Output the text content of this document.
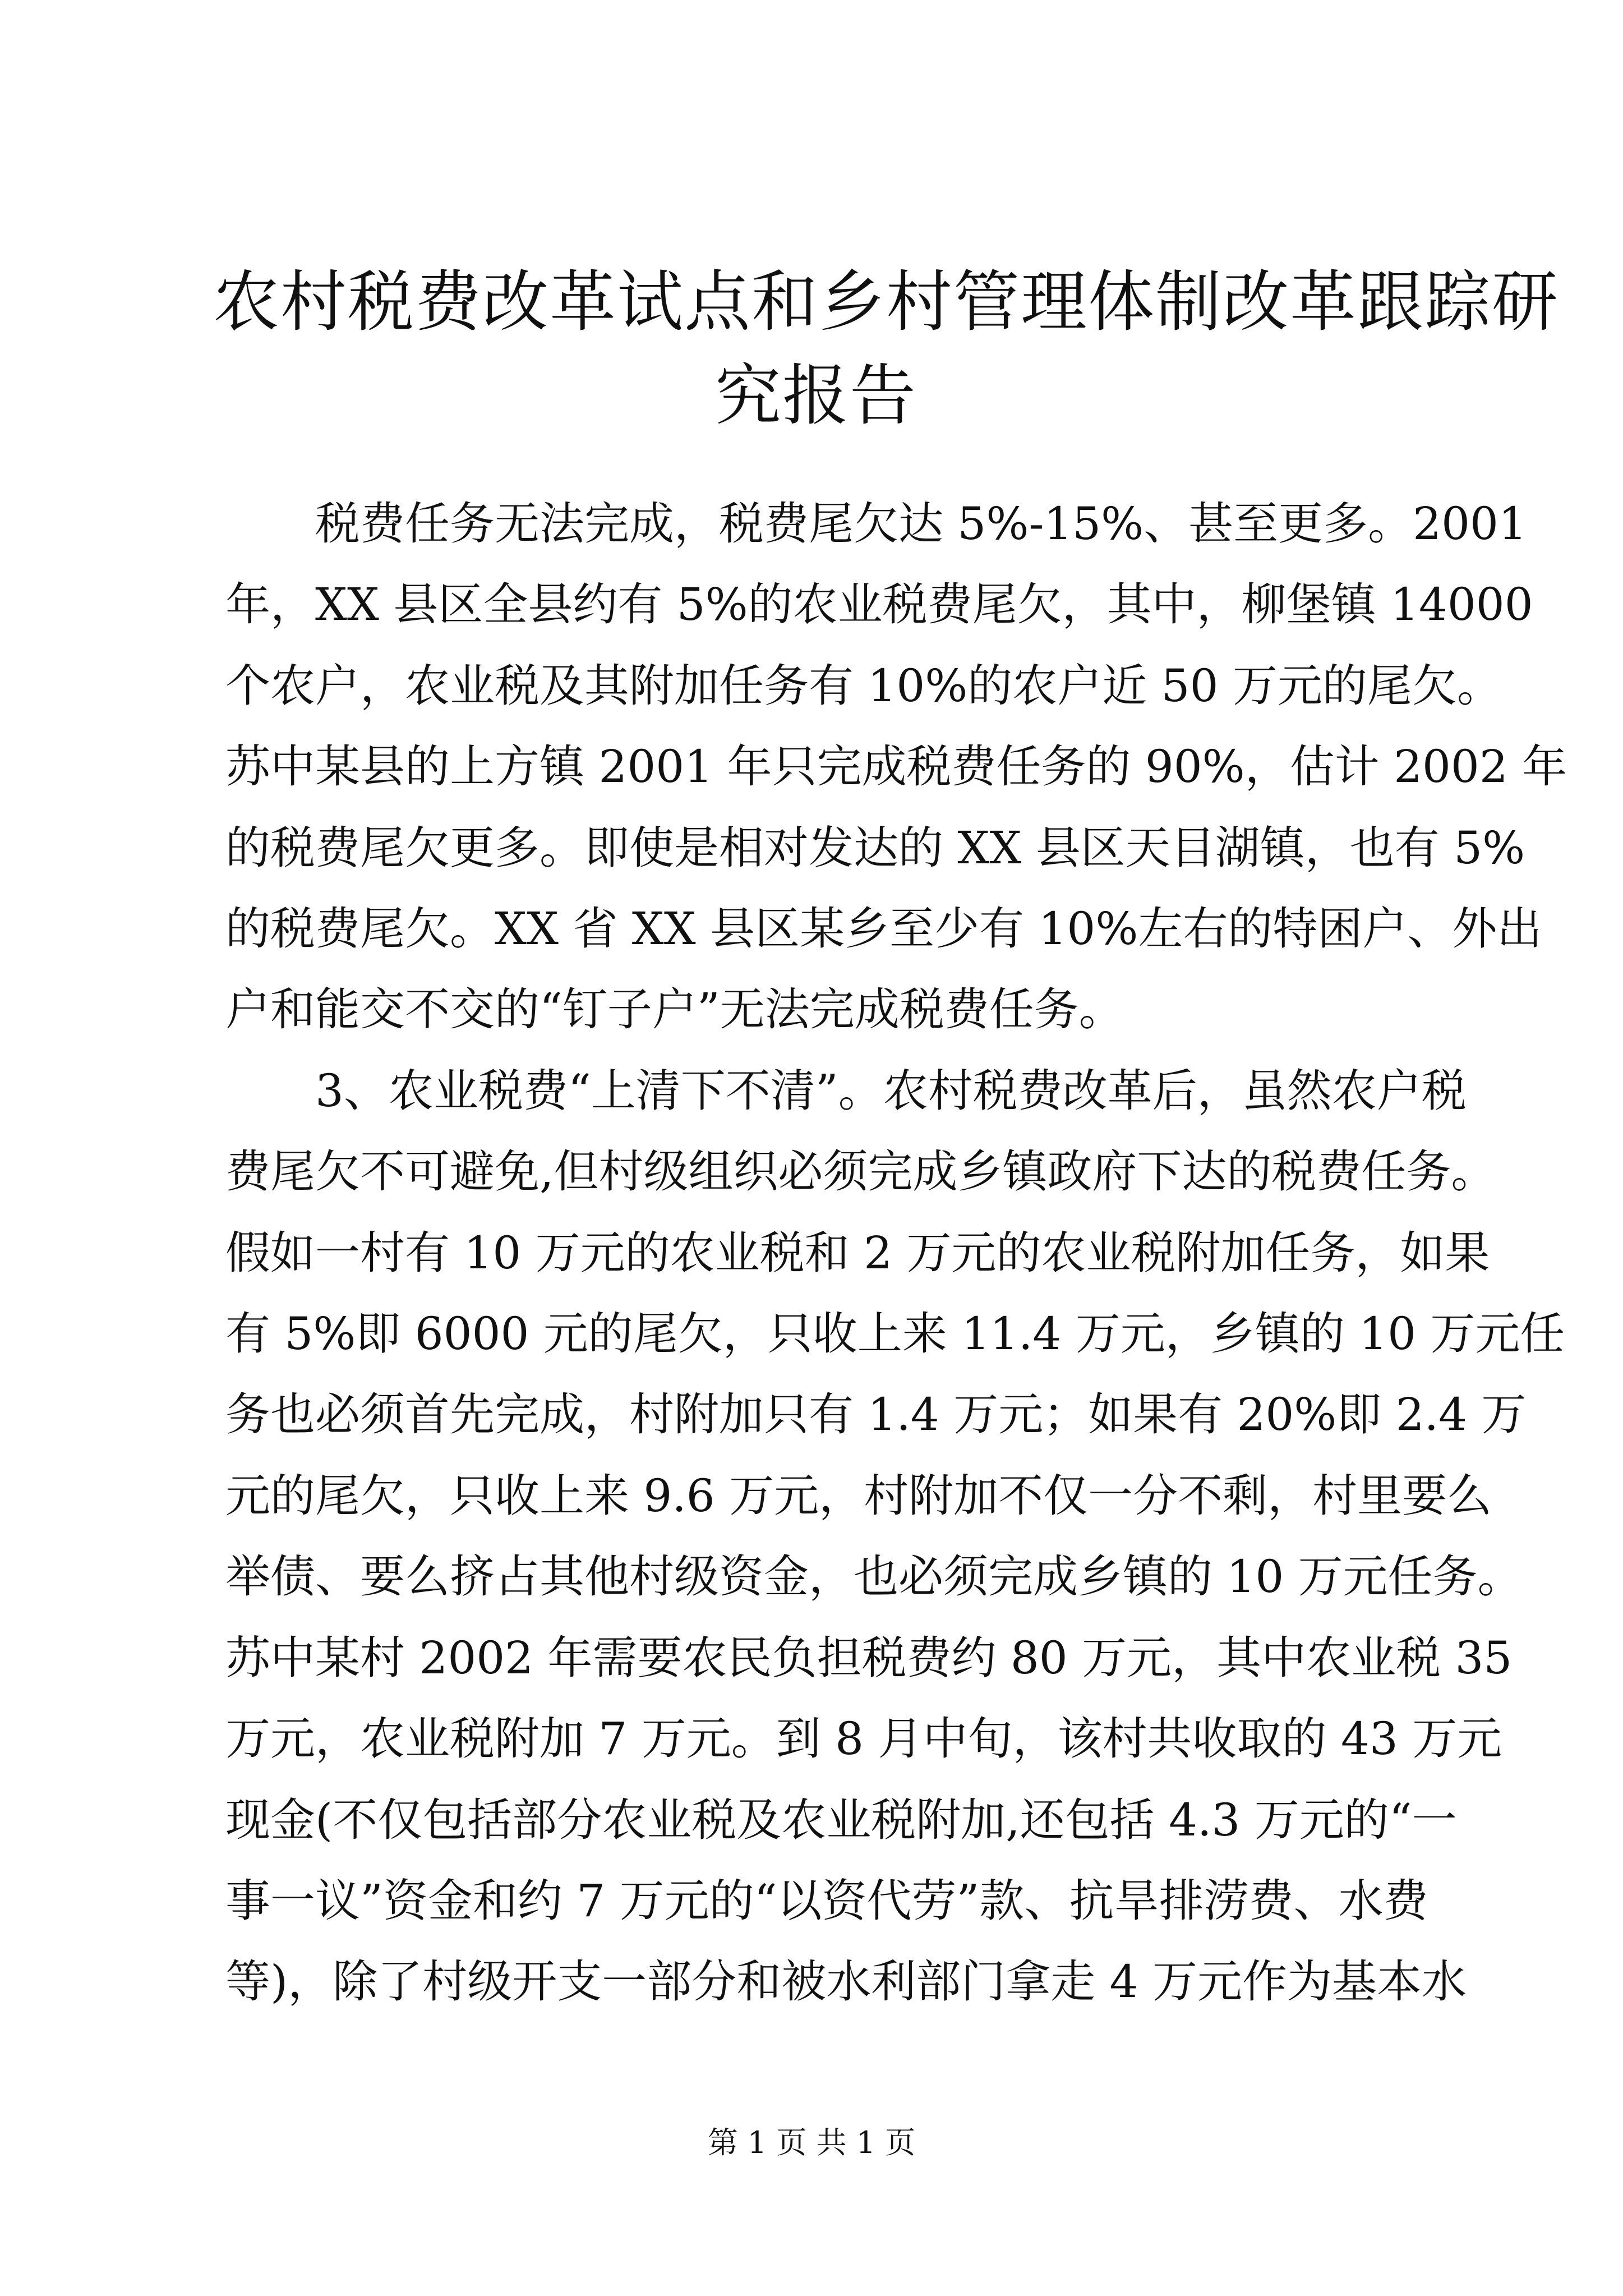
农村税费改革试点和乡村管理体制改革跟踪研
究报告

税费任务无法完成，税费尾欠达 5%-15%、甚至更多。2001
年，XX 县区全县约有 5%的农业税费尾欠，其中，柳堡镇 14000
个农户，农业税及其附加任务有 10%的农户近 50 万元的尾欠。
苏中某县的上方镇 2001 年只完成税费任务的 90%，估计 2002 年
的税费尾欠更多。即使是相对发达的 XX 县区天目湖镇，也有 5%
的税费尾欠。XX 省 XX 县区某乡至少有 10%左右的特困户、外出
户和能交不交的“钉子户”无法完成税费任务。

3、农业税费“上清下不清”。农村税费改革后，虽然农户税
费尾欠不可避免,但村级组织必须完成乡镇政府下达的税费任务。
假如一村有 10 万元的农业税和 2 万元的农业税附加任务，如果
有 5%即 6000 元的尾欠，只收上来 11.4 万元，乡镇的 10 万元任
务也必须首先完成，村附加只有 1.4 万元；如果有 20%即 2.4 万
元的尾欠，只收上来 9.6 万元，村附加不仅一分不剩，村里要么
举债、要么挤占其他村级资金，也必须完成乡镇的 10 万元任务。
苏中某村 2002 年需要农民负担税费约 80 万元，其中农业税 35
万元，农业税附加 7 万元。到 8 月中旬，该村共收取的 43 万元
现金(不仅包括部分农业税及农业税附加,还包括 4.3 万元的“一
事一议”资金和约 7 万元的“以资代劳”款、抗旱排涝费、水费
等)，除了村级开支一部分和被水利部门拿走 4 万元作为基本水

第 1 页 共 1 页
